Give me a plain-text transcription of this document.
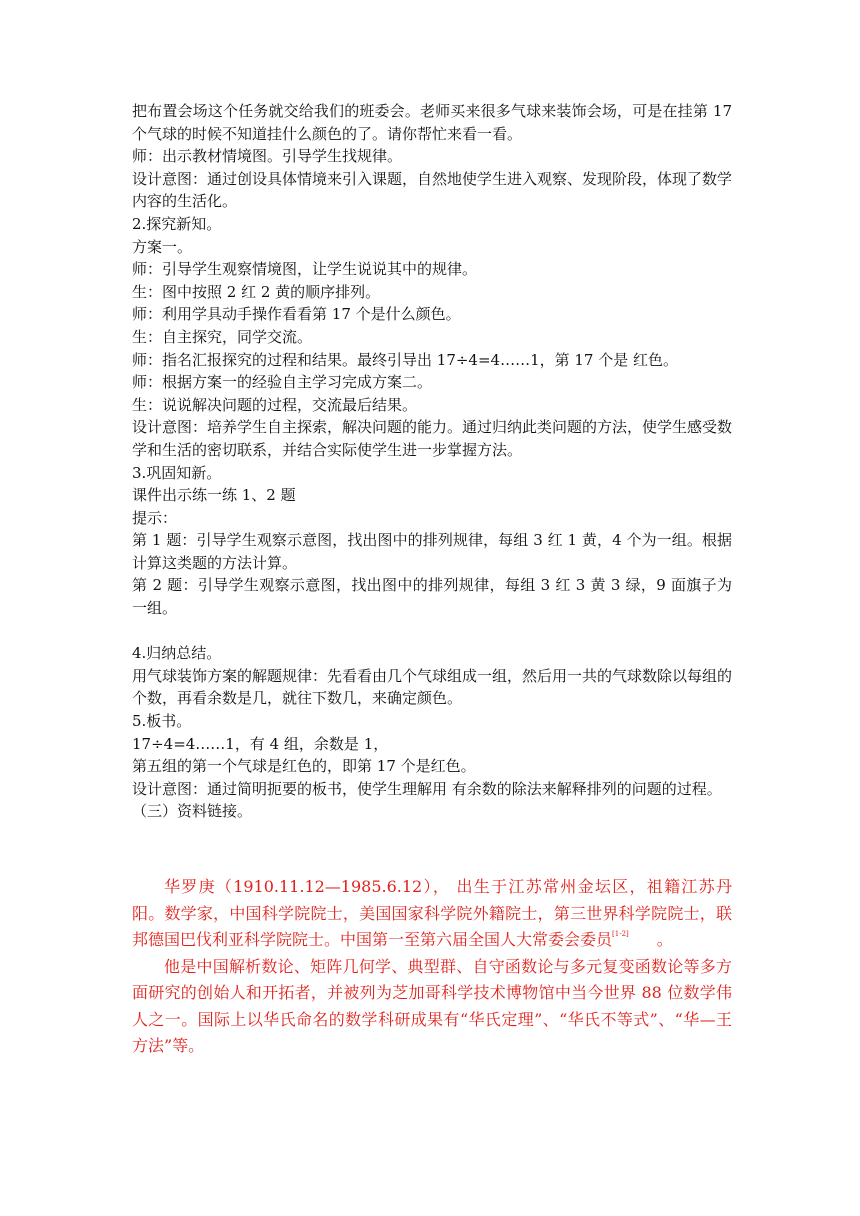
把布置会场这个任务就交给我们的班委会。老师买来很多气球来装饰会场，可是在挂第 17 个气球的时候不知道挂什么颜色的了。请你帮忙来看一看。

师：出示教材情境图。引导学生找规律。

设计意图：通过创设具体情境来引入课题，自然地使学生进入观察、发现阶段，体现了数学内容的生活化。

2.探究新知。

方案一。

师：引导学生观察情境图，让学生说说其中的规律。

生：图中按照 2 红 2 黄的顺序排列。

师：利用学具动手操作看看第 17 个是什么颜色。

生：自主探究，同学交流。

师：指名汇报探究的过程和结果。最终引导出 17÷4=4……1，第 17 个是 红色。

师：根据方案一的经验自主学习完成方案二。

生：说说解决问题的过程，交流最后结果。

设计意图：培养学生自主探索，解决问题的能力。通过归纳此类问题的方法，使学生感受数学和生活的密切联系，并结合实际使学生进一步掌握方法。

3.巩固知新。

课件出示练一练 1、2 题

提示：

第 1 题：引导学生观察示意图，找出图中的排列规律，每组 3 红 1 黄，4 个为一组。根据计算这类题的方法计算。

第 2 题：引导学生观察示意图，找出图中的排列规律，每组 3 红 3 黄 3 绿，9 面旗子为一组。

4.归纳总结。

用气球装饰方案的解题规律：先看看由几个气球组成一组，然后用一共的气球数除以每组的个数，再看余数是几，就往下数几，来确定颜色。

5.板书。

17÷4=4……1，有 4 组，余数是 1，

第五组的第一个气球是红色的，即第 17 个是红色。

设计意图：通过简明扼要的板书，使学生理解用 有余数的除法来解释排列的问题的过程。

（三）资料链接。

华罗庚（1910.11.12—1985.6.12）， 出生于江苏常州金坛区，祖籍江苏丹阳。数学家，中国科学院院士，美国国家科学院外籍院士，第三世界科学院院士，联邦德国巴伐利亚科学院院士。中国第一至第六届全国人大常委会委员[1-2] 。

他是中国解析数论、矩阵几何学、典型群、自守函数论与多元复变函数论等多方面研究的创始人和开拓者，并被列为芝加哥科学技术博物馆中当今世界 88 位数学伟人之一。国际上以华氏命名的数学科研成果有“华氏定理”、“华氏不等式”、“华—王方法”等。
